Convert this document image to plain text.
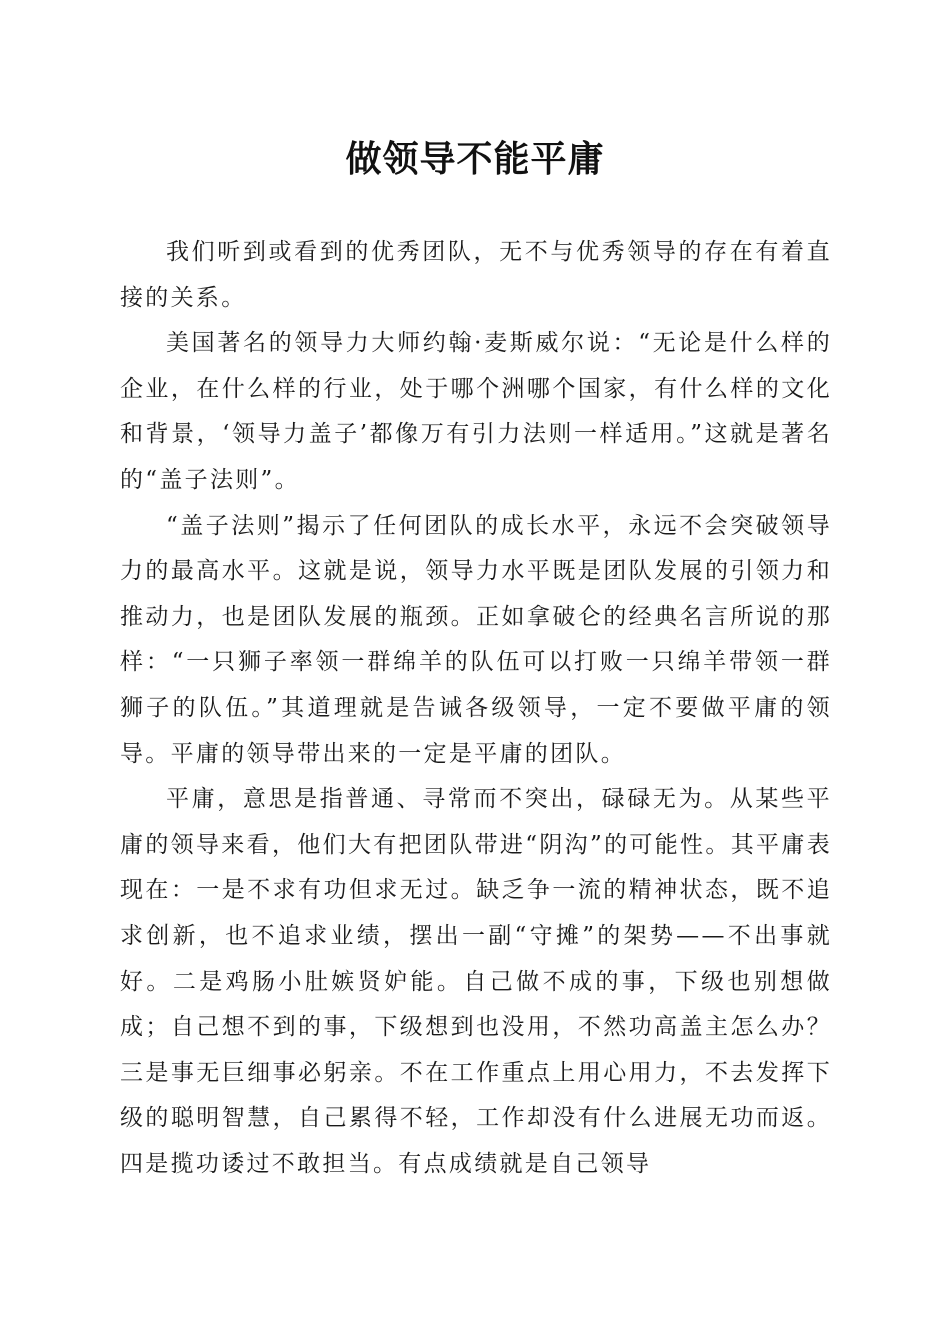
做领导不能平庸

我们听到或看到的优秀团队，无不与优秀领导的存在有着直接的关系。

美国著名的领导力大师约翰·麦斯威尔说：“无论是什么样的企业，在什么样的行业，处于哪个洲哪个国家，有什么样的文化和背景，‘领导力盖子’都像万有引力法则一样适用。”这就是著名的“盖子法则”。

“盖子法则”揭示了任何团队的成长水平，永远不会突破领导力的最高水平。这就是说，领导力水平既是团队发展的引领力和推动力，也是团队发展的瓶颈。正如拿破仑的经典名言所说的那样：“一只狮子率领一群绵羊的队伍可以打败一只绵羊带领一群狮子的队伍。”其道理就是告诫各级领导，一定不要做平庸的领导。平庸的领导带出来的一定是平庸的团队。

平庸，意思是指普通、寻常而不突出，碌碌无为。从某些平庸的领导来看，他们大有把团队带进“阴沟”的可能性。其平庸表现在：一是不求有功但求无过。缺乏争一流的精神状态，既不追求创新，也不追求业绩，摆出一副“守摊”的架势——不出事就好。二是鸡肠小肚嫉贤妒能。自己做不成的事，下级也别想做成；自己想不到的事，下级想到也没用，不然功高盖主怎么办？三是事无巨细事必躬亲。不在工作重点上用心用力，不去发挥下级的聪明智慧，自己累得不轻，工作却没有什么进展无功而返。四是揽功诿过不敢担当。有点成绩就是自己领导
